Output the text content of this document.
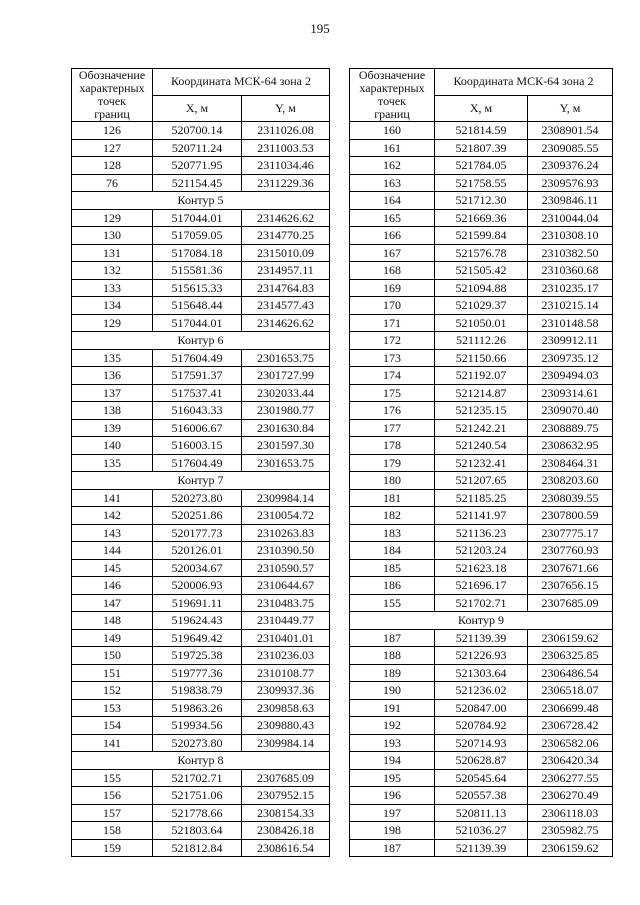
195
Обозначение
характерных
точек
границ	Координата МСК-64 зона 2	
	Х, м	Y, м
126	520700.14	2311026.08
127	520711.24	2311003.53
128	520771.95	2311034.46
76	521154.45	2311229.36
Контур 5		
129	517044.01	2314626.62
130	517059.05	2314770.25
131	517084.18	2315010.09
132	515581.36	2314957.11
133	515615.33	2314764.83
134	515648.44	2314577.43
129	517044.01	2314626.62
Контур 6		
135	517604.49	2301653.75
136	517591.37	2301727.99
137	517537.41	2302033.44
138	516043.33	2301980.77
139	516006.67	2301630.84
140	516003.15	2301597.30
135	517604.49	2301653.75
Контур 7		
141	520273.80	2309984.14
142	520251.86	2310054.72
143	520177.73	2310263.83
144	520126.01	2310390.50
145	520034.67	2310590.57
146	520006.93	2310644.67
147	519691.11	2310483.75
148	519624.43	2310449.77
149	519649.42	2310401.01
150	519725.38	2310236.03
151	519777.36	2310108.77
152	519838.79	2309937.36
153	519863.26	2309858.63
154	519934.56	2309880.43
141	520273.80	2309984.14
Контур 8		
155	521702.71	2307685.09
156	521751.06	2307952.15
157	521778.66	2308154.33
158	521803.64	2308426.18
159	521812.84	2308616.54
Обозначение
характерных
точек
границ	Координата МСК-64 зона 2	
	Х, м	Y, м
160	521814.59	2308901.54
161	521807.39	2309085.55
162	521784.05	2309376.24
163	521758.55	2309576.93
164	521712.30	2309846.11
165	521669.36	2310044.04
166	521599.84	2310308.10
167	521576.78	2310382.50
168	521505.42	2310360.68
169	521094.88	2310235.17
170	521029.37	2310215.14
171	521050.01	2310148.58
172	521112.26	2309912.11
173	521150.66	2309735.12
174	521192.07	2309494.03
175	521214.87	2309314.61
176	521235.15	2309070.40
177	521242.21	2308889.75
178	521240.54	2308632.95
179	521232.41	2308464.31
180	521207.65	2308203.60
181	521185.25	2308039.55
182	521141.97	2307800.59
183	521136.23	2307775.17
184	521203.24	2307760.93
185	521623.18	2307671.66
186	521696.17	2307656.15
155	521702.71	2307685.09
Контур 9		
187	521139.39	2306159.62
188	521226.93	2306325.85
189	521303.64	2306486.54
190	521236.02	2306518.07
191	520847.00	2306699.48
192	520784.92	2306728.42
193	520714.93	2306582.06
194	520628.87	2306420.34
195	520545.64	2306277.55
196	520557.38	2306270.49
197	520811.13	2306118.03
198	521036.27	2305982.75
187	521139.39	2306159.62
